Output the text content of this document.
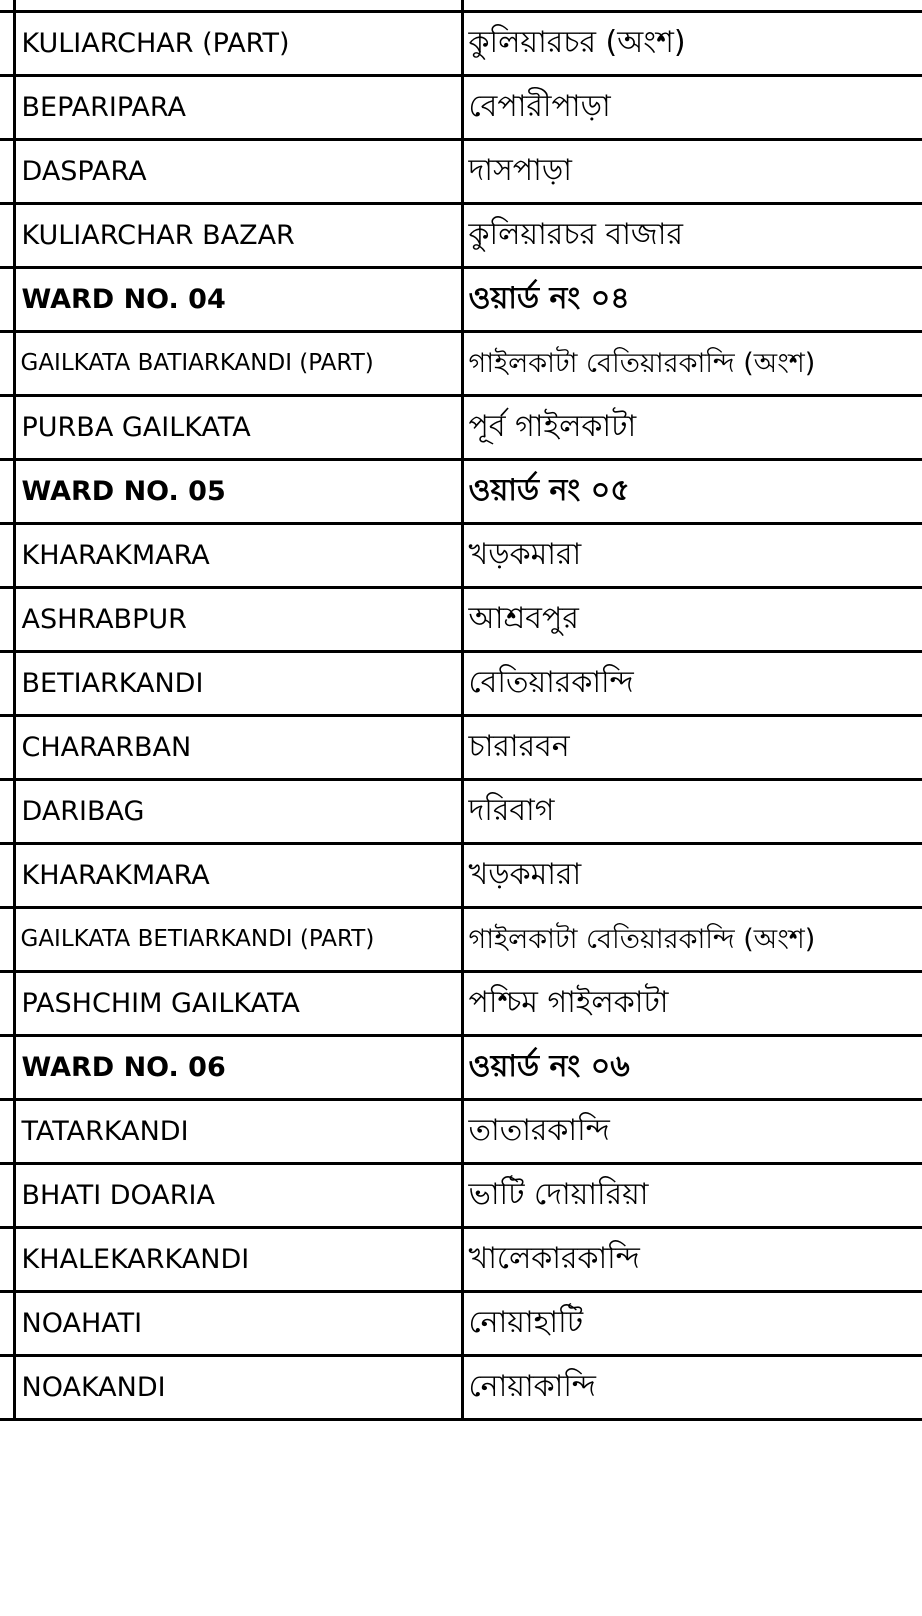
	KULIARCHAR (PART)	কুলিয়ারচর (অংশ)
	BEPARIPARA	বেপারীপাড়া
	DASPARA	দাসপাড়া
	KULIARCHAR BAZAR	কুলিয়ারচর বাজার
	WARD NO. 04	ওয়ার্ড নং ০৪
	GAILKATA BATIARKANDI (PART)	গাইলকাটা বেতিয়ারকান্দি (অংশ)
	PURBA GAILKATA	পূর্ব গাইলকাটা
	WARD NO. 05	ওয়ার্ড নং ০৫
	KHARAKMARA	খড়কমারা
	ASHRABPUR	আশ্রবপুর
	BETIARKANDI	বেতিয়ারকান্দি
	CHARARBAN	চারারবন
	DARIBAG	দরিবাগ
	KHARAKMARA	খড়কমারা
	GAILKATA BETIARKANDI (PART)	গাইলকাটা বেতিয়ারকান্দি (অংশ)
	PASHCHIM GAILKATA	পশ্চিম গাইলকাটা
	WARD NO. 06	ওয়ার্ড নং ০৬
	TATARKANDI	তাতারকান্দি
	BHATI DOARIA	ভাটি দোয়ারিয়া
	KHALEKARKANDI	খালেকারকান্দি
	NOAHATI	নোয়াহাটি
	NOAKANDI	নোয়াকান্দি
